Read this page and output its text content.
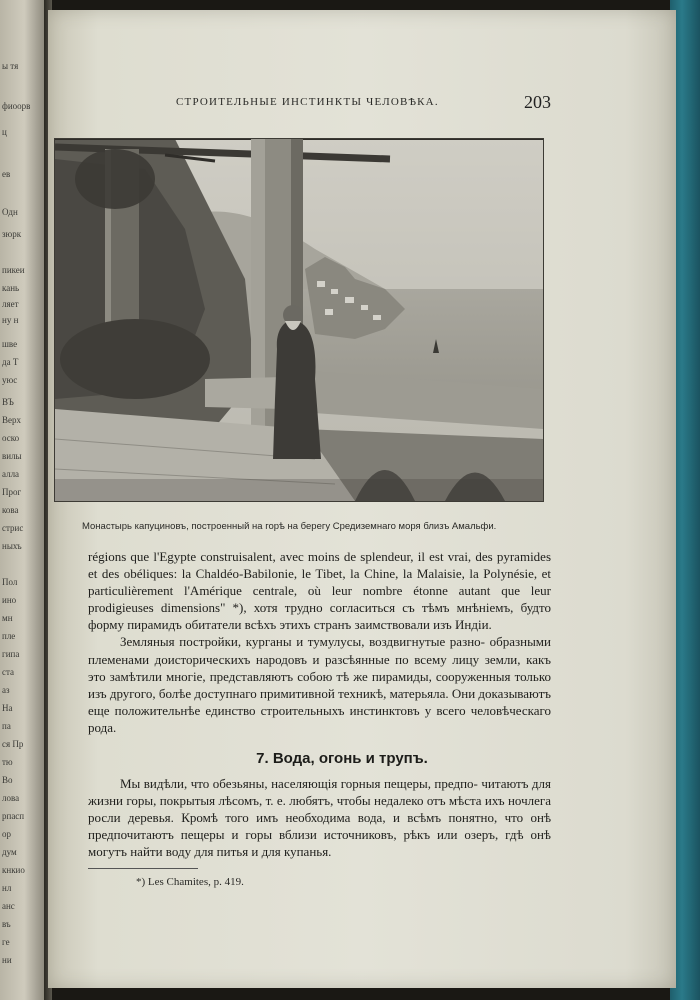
ы тя
фиоорв
ц
ев
Одн
зюрк
пикеи
кань
ляет
ну н
шве
да Т
уюс
ВЪ
Верх
оско
вилы
алла
Прог
кова
стрис
ныхъ
Пол
ино
мн
пле
гипа
ста
аз
На
па
ся Пр
тю
Во
лова
рпасп
ор
дум
кнкио
нл
анс
въ
ге
ни
СТРОИТЕЛЬНЫЕ ИНСТИНКТЫ ЧЕЛОВѢКА.	203
Монастырь капуциновъ, построенный на горѣ на берегу Средиземнаго моря близъ Амальфи.

régions que l'Egypte construisalent, avec moins de splendeur, il est vrai, des pyramides et des obéliques: la Chaldéo-Babilonie, le Tibet, la Chine, la Malaisie, la Polynésie, et particulièrement l'Amérique centrale, où leur nombre étonne autant que leur prodigieuses dimensions" *), хотя трудно согласиться съ тѣмъ мнѣніемъ, будто форму пирамидъ обитатели всѣхъ этихъ странъ заимствовали изъ Индіи.

Земляныя постройки, курганы и тумулусы, воздвигнутые разно- образными племенами доисторическихъ народовъ и разсѣянные по всему лицу земли, какъ это замѣтили многіе, представляютъ собою тѣ же пирамиды, сооруженныя только изъ другого, болѣе доступнаго примитивной техникѣ, матерьяла. Они доказываютъ еще положительнѣе единство строительныхъ инстинктовъ у всего человѣческаго рода.

7. Вода, огонь и трупъ.

Мы видѣли, что обезьяны, населяющія горныя пещеры, предпо- читаютъ для жизни горы, покрытыя лѣсомъ, т. е. любятъ, чтобы недалеко отъ мѣста ихъ ночлега росли деревья. Кромѣ того имъ необходима вода, и всѣмъ понятно, что онѣ предпочитаютъ пещеры и горы вблизи источниковъ, рѣкъ или озеръ, гдѣ онѣ могутъ найти воду для питья и для купанья.

*) Les Chamites, p. 419.
